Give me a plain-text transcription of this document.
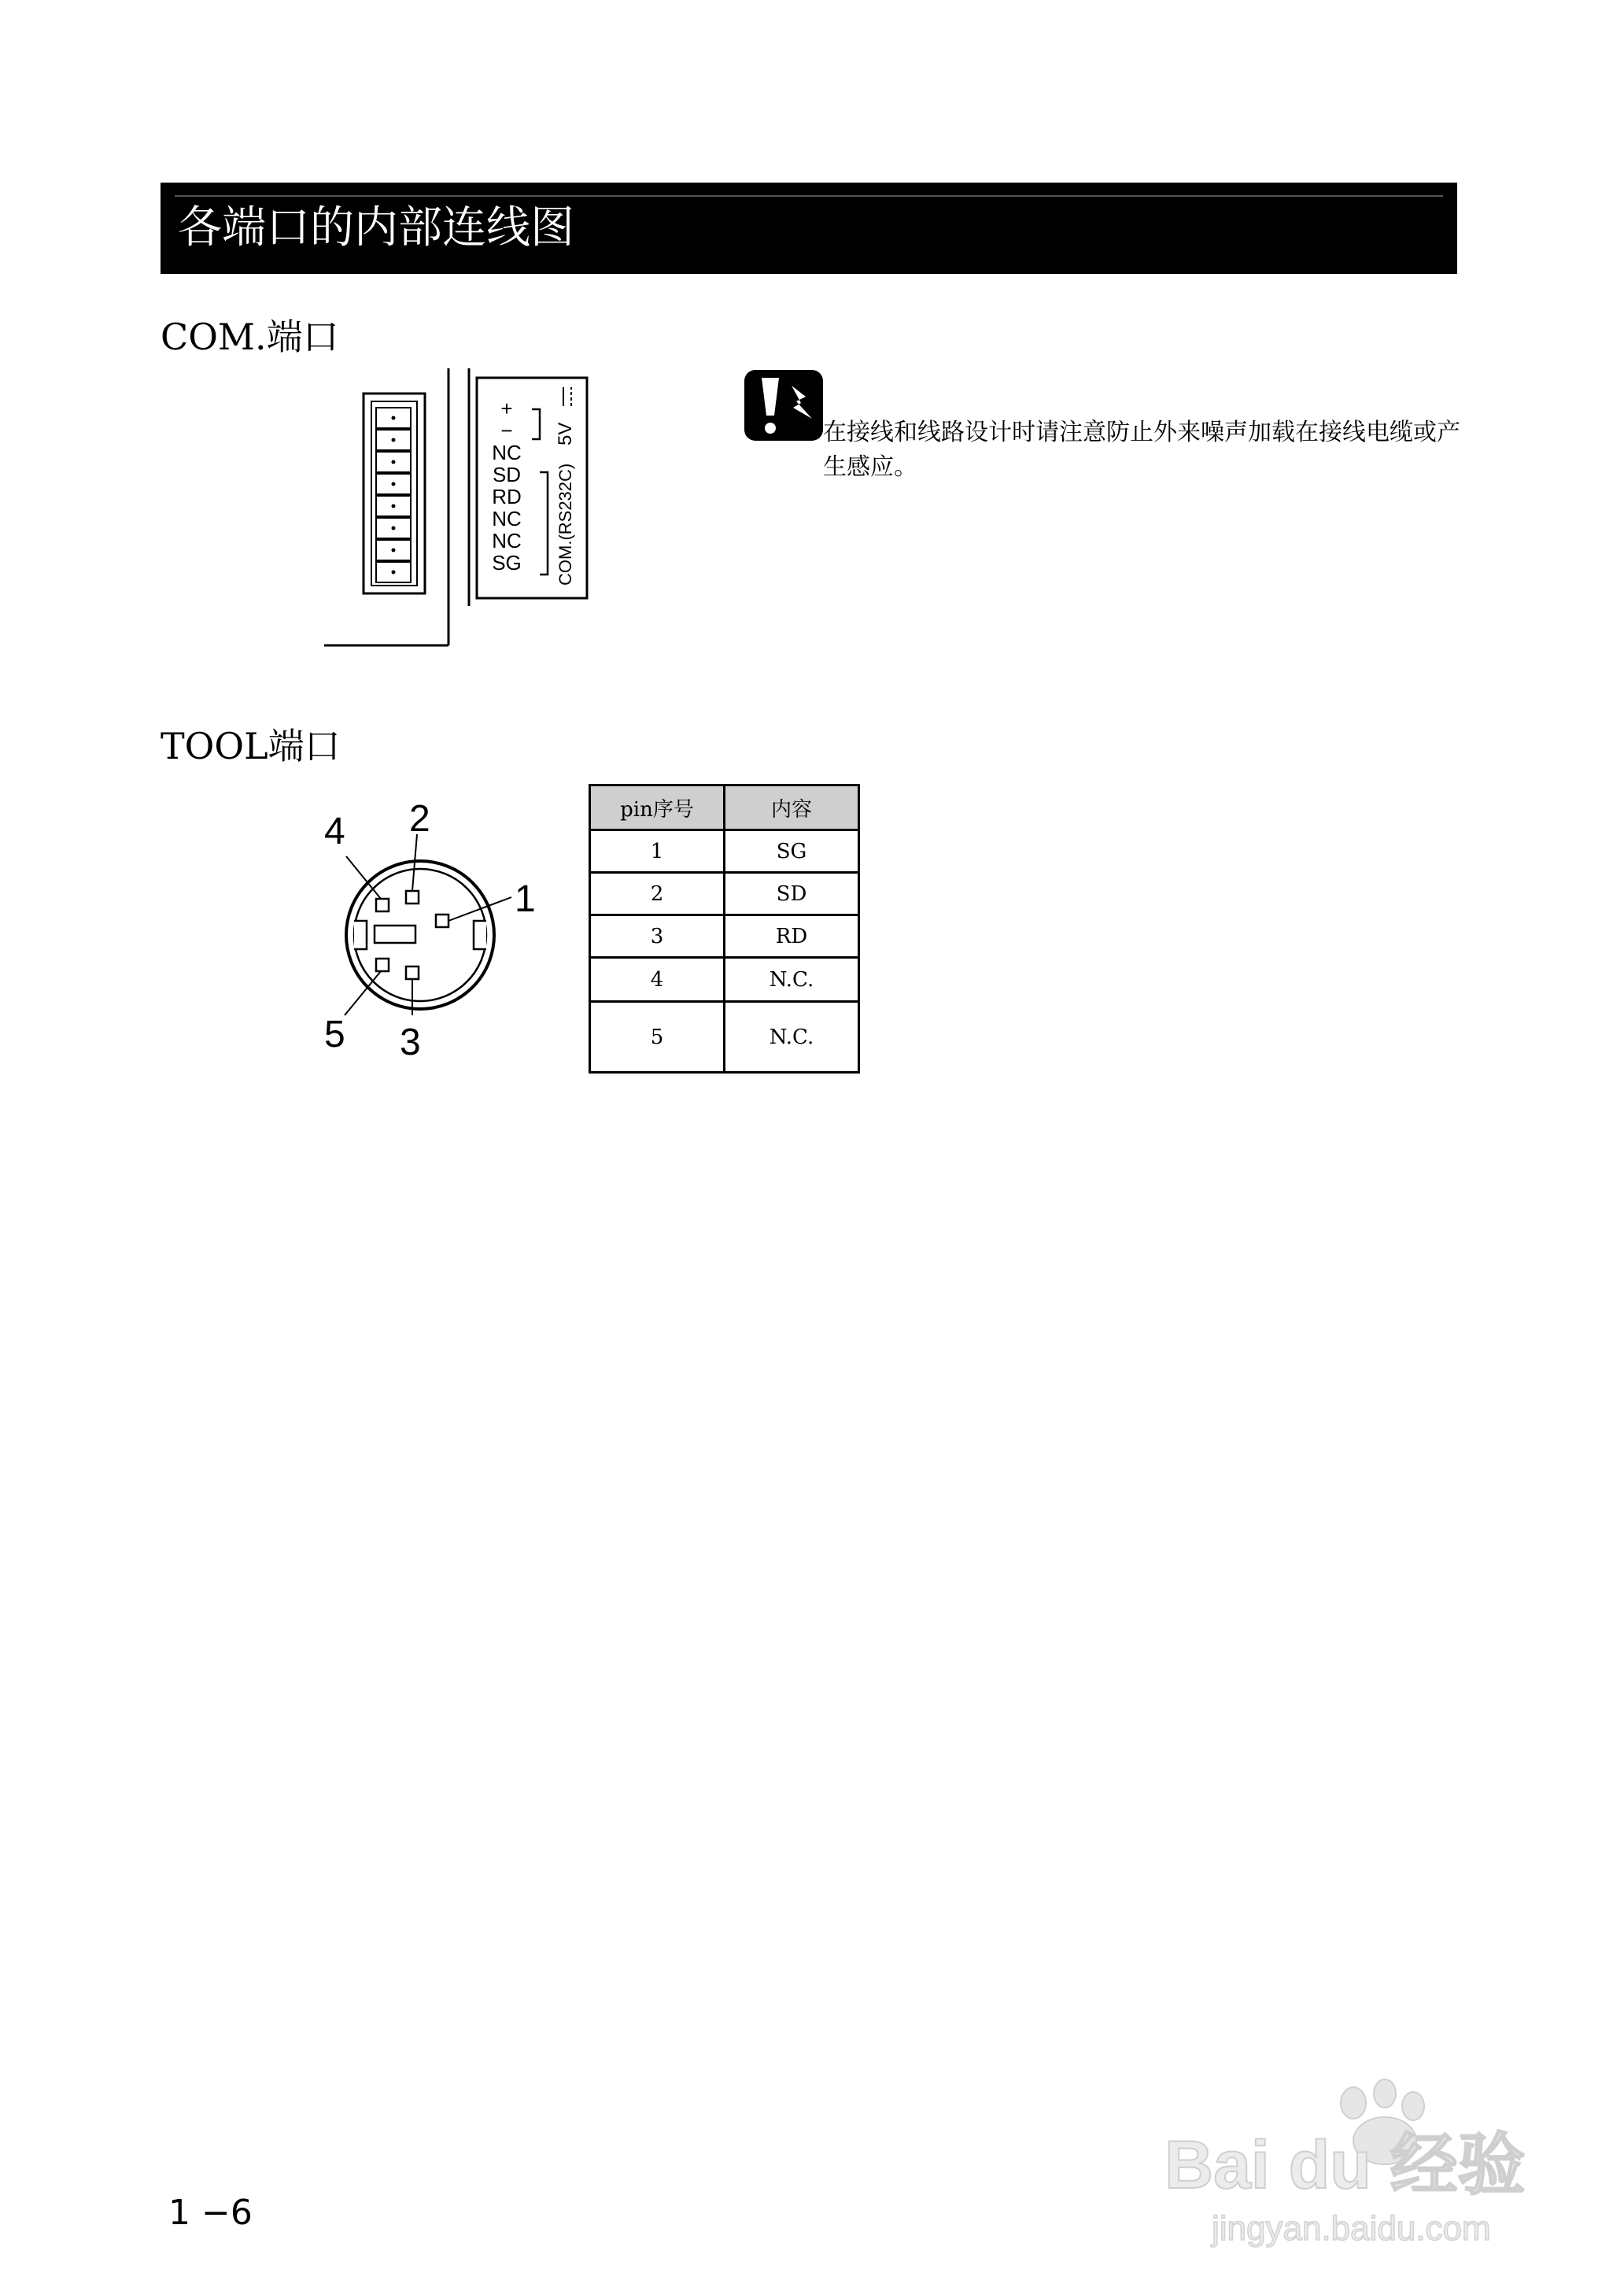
各端口的内部连线图
COM.端口
+
−
NC
SD
RD
NC
NC
SG
5V
COM.(RS232C)
在接线和线路设计时请注意防止外来噪声加载在接线电缆或产生感应。
TOOL端口
1
2
3
4
5
pin序号	内容
1	SG
2	SD
3	RD
4	N.C.
5	N.C.
1 −6
Bai du 经验
jingyan.baidu.com
